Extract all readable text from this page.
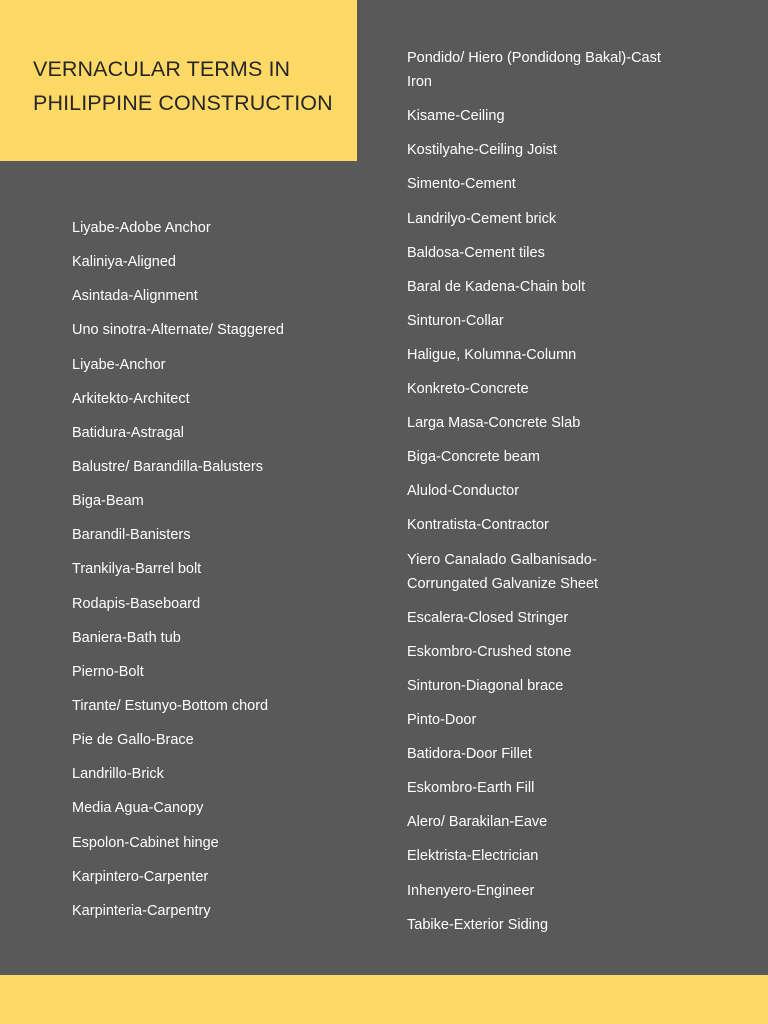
VERNACULAR TERMS IN
PHILIPPINE CONSTRUCTION
Liyabe-Adobe Anchor
Kaliniya-Aligned
Asintada-Alignment
Uno sinotra-Alternate/ Staggered
Liyabe-Anchor
Arkitekto-Architect
Batidura-Astragal
Balustre/ Barandilla-Balusters
Biga-Beam
Barandil-Banisters
Trankilya-Barrel bolt
Rodapis-Baseboard
Baniera-Bath tub
Pierno-Bolt
Tirante/ Estunyo-Bottom chord
Pie de Gallo-Brace
Landrillo-Brick
Media Agua-Canopy
Espolon-Cabinet hinge
Karpintero-Carpenter
Karpinteria-Carpentry
Pondido/ Hiero (Pondidong Bakal)-Cast
Iron
Kisame-Ceiling
Kostilyahe-Ceiling Joist
Simento-Cement
Landrilyo-Cement brick
Baldosa-Cement tiles
Baral de Kadena-Chain bolt
Sinturon-Collar
Haligue, Kolumna-Column
Konkreto-Concrete
Larga Masa-Concrete Slab
Biga-Concrete beam
Alulod-Conductor
Kontratista-Contractor
Yiero Canalado Galbanisado-
Corrungated Galvanize Sheet
Escalera-Closed Stringer
Eskombro-Crushed stone
Sinturon-Diagonal brace
Pinto-Door
Batidora-Door Fillet
Eskombro-Earth Fill
Alero/ Barakilan-Eave
Elektrista-Electrician
Inhenyero-Engineer
Tabike-Exterior Siding
